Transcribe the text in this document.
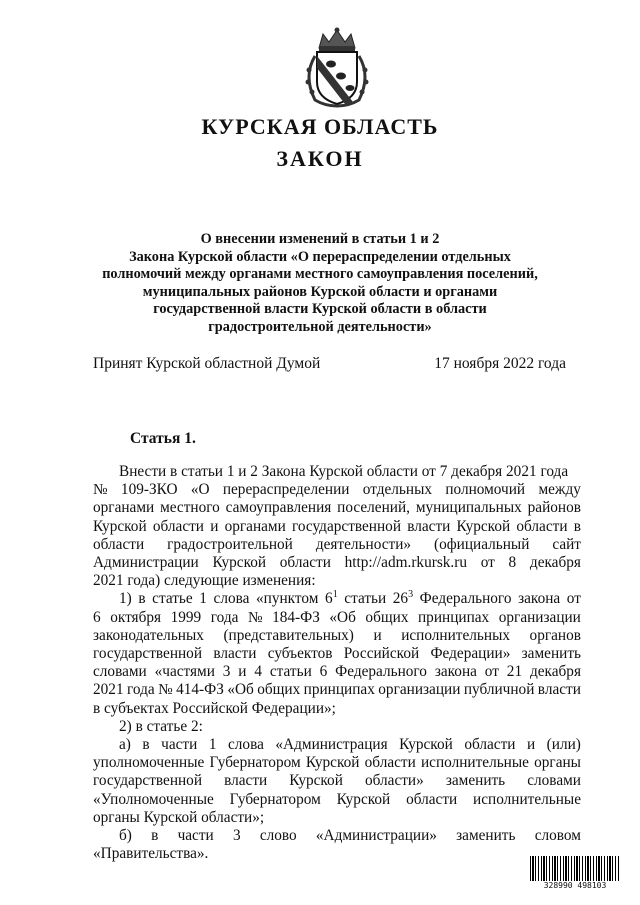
КУРСКАЯ ОБЛАСТЬ
ЗАКОН
О внесении изменений в статьи 1 и 2
Закона Курской области «О перераспределении отдельных
полномочий между органами местного самоуправления поселений,
муниципальных районов Курской области и органами
государственной власти Курской области в области
градостроительной деятельности»
Принят Курской областной Думой	17 ноября 2022 года
Статья 1.
Внести в статьи 1 и 2 Закона Курской области от 7 декабря 2021 года
№ 109-ЗКО «О перераспределении отдельных полномочий между
органами местного самоуправления поселений, муниципальных районов
Курской области и органами государственной власти Курской области в
области градостроительной деятельности» (официальный сайт
Администрации Курской области http://adm.rkursk.ru от 8 декабря
2021 года) следующие изменения:
1) в статье 1 слова «пунктом $6^1$ статьи $26^3$ Федерального закона от
6 октября 1999 года № 184-ФЗ «Об общих принципах организации
законодательных (представительных) и исполнительных органов
государственной власти субъектов Российской Федерации» заменить
словами «частями 3 и 4 статьи 6 Федерального закона от 21 декабря
2021 года № 414-ФЗ «Об общих принципах организации публичной власти
в субъектах Российской Федерации»;
2) в статье 2:
а) в части 1 слова «Администрация Курской области и (или)
уполномоченные Губернатором Курской области исполнительные органы
государственной власти Курской области» заменить словами
«Уполномоченные Губернатором Курской области исполнительные
органы Курской области»;
б) в части 3 слово «Администрации» заменить словом
«Правительства».
328990 498103
